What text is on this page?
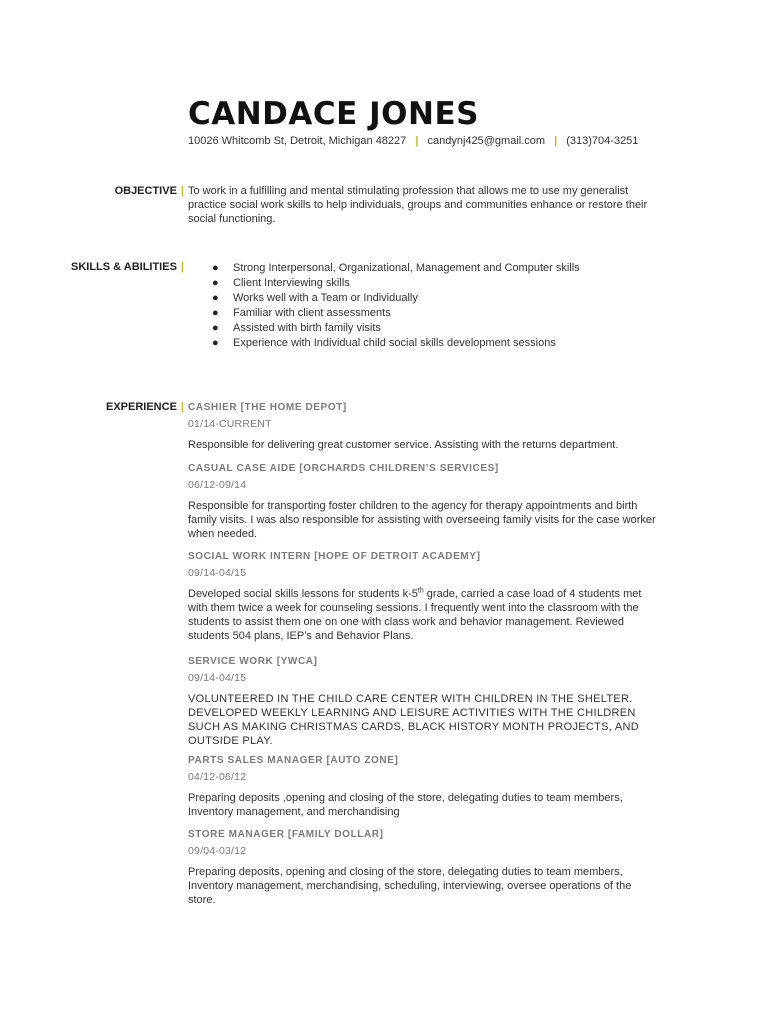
CANDACE JONES
10026 Whitcomb St, Detroit, Michigan 48227 | candynj425@gmail.com | (313)704-3251
OBJECTIVE | To work in a fulfilling and mental stimulating profession that allows me to use my generalist practice social work skills to help individuals, groups and communities enhance or restore their social functioning.

SKILLS & ABILITIES |	● Strong Interpersonal, Organizational, Management and Computer skills
● Client Interviewing skills
● Works well with a Team or Individually
● Familiar with client assessments
● Assisted with birth family visits
● Experience with Individual child social skills development sessions
EXPERIENCE | CASHIER [THE HOME DEPOT]

01/14-CURRENT

Responsible for delivering great customer service. Assisting with the returns department.

CASUAL CASE AIDE [ORCHARDS CHILDREN’S SERVICES]

06/12-09/14

Responsible for transporting foster children to the agency for therapy appointments and birth family visits. I was also responsible for assisting with overseeing family visits for the case worker when needed.

SOCIAL WORK INTERN [HOPE OF DETROIT ACADEMY]

09/14-04/15

Developed social skills lessons for students k-5th grade, carried a case load of 4 students met with them twice a week for counseling sessions. I frequently went into the classroom with the students to assist them one on one with class work and behavior management. Reviewed students 504 plans, IEP’s and Behavior Plans.

SERVICE WORK [YWCA]

09/14-04/15

VOLUNTEERED IN THE CHILD CARE CENTER WITH CHILDREN IN THE SHELTER. DEVELOPED WEEKLY LEARNING AND LEISURE ACTIVITIES WITH THE CHILDREN SUCH AS MAKING CHRISTMAS CARDS, BLACK HISTORY MONTH PROJECTS, AND OUTSIDE PLAY.

PARTS SALES MANAGER [AUTO ZONE]

04/12-06/12

Preparing deposits ,opening and closing of the store, delegating duties to team members, Inventory management, and merchandising

STORE MANAGER [FAMILY DOLLAR]

09/04-03/12

Preparing deposits, opening and closing of the store, delegating duties to team members, Inventory management, merchandising, scheduling, interviewing, oversee operations of the store.
